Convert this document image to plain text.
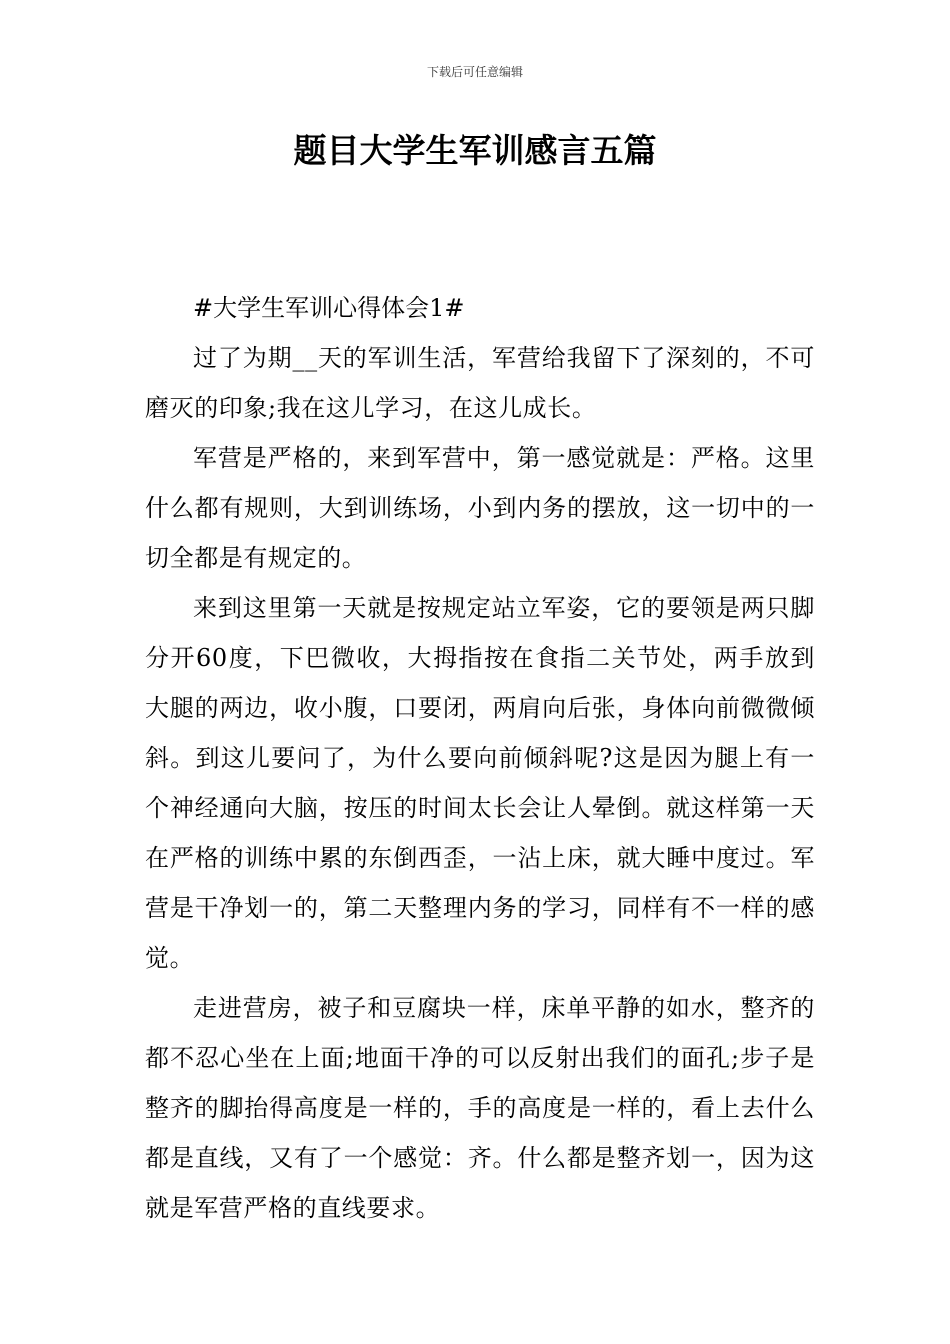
下载后可任意编辑
题目大学生军训感言五篇

#大学生军训心得体会1#

过了为期__天的军训生活，军营给我留下了深刻的，不可磨灭的印象;我在这儿学习，在这儿成长。

军营是严格的，来到军营中，第一感觉就是：严格。这里什么都有规则，大到训练场，小到内务的摆放，这一切中的一切全都是有规定的。

来到这里第一天就是按规定站立军姿，它的要领是两只脚分开60度，下巴微收，大拇指按在食指二关节处，两手放到大腿的两边，收小腹，口要闭，两肩向后张，身体向前微微倾斜。到这儿要问了，为什么要向前倾斜呢?这是因为腿上有一个神经通向大脑，按压的时间太长会让人晕倒。就这样第一天在严格的训练中累的东倒西歪，一沾上床，就大睡中度过。军营是干净划一的，第二天整理内务的学习，同样有不一样的感觉。

走进营房，被子和豆腐块一样，床单平静的如水，整齐的都不忍心坐在上面;地面干净的可以反射出我们的面孔;步子是整齐的脚抬得高度是一样的，手的高度是一样的，看上去什么都是直线，又有了一个感觉：齐。什么都是整齐划一，因为这就是军营严格的直线要求。
